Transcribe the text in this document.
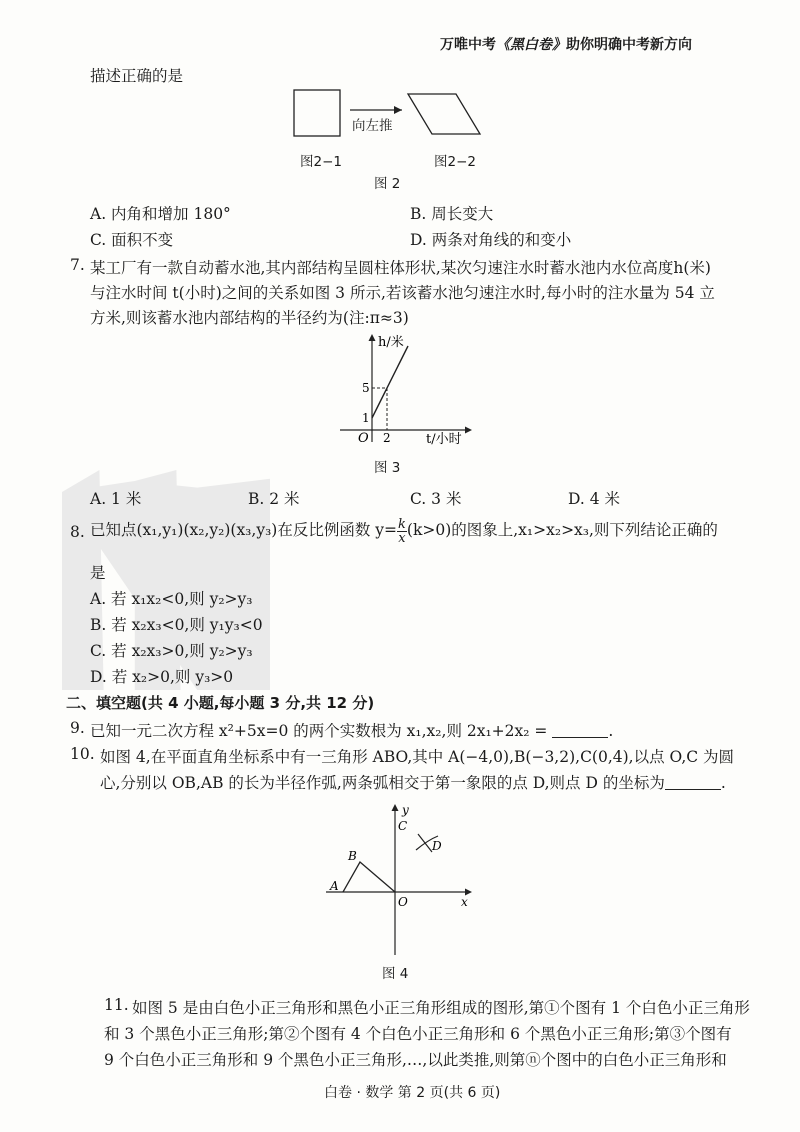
万唯中考《黑白卷》助你明确中考新方向
描述正确的是
向左推
图2−1	图2−2
图 2
A. 内角和增加 180°	B. 周长变大
C. 面积不变	D. 两条对角线的和变小
7. 某工厂有一款自动蓄水池,其内部结构呈圆柱体形状,某次匀速注水时蓄水池内水位高度h(米)
与注水时间 t(小时)之间的关系如图 3 所示,若该蓄水池匀速注水时,每小时的注水量为 54 立
方米,则该蓄水池内部结构的半径约为(注:π≈3)
h/米
t/小时
O
1
5
2
图 3
A. 1 米	B. 2 米	C. 3 米	D. 4 米
8. 已知点(x₁,y₁)(x₂,y₂)(x₃,y₃)在反比例函数 $y= \frac{k}{x} (k>0)$的图象上,x₁>x₂>x₃,则下列结论正确的
是
A. 若 x₁x₂<0,则 y₂>y₃
B. 若 x₂x₃<0,则 y₁y₃<0
C. 若 x₂x₃>0,则 y₂>y₃
D. 若 x₂>0,则 y₃>0
二、填空题(共 4 小题,每小题 3 分,共 12 分)
9. 已知一元二次方程 x²+5x=0 的两个实数根为 x₁,x₂,则 2x₁+2x₂ =	.
10. 如图 4,在平面直角坐标系中有一三角形 ABO,其中 A(−4,0),B(−3,2),C(0,4),以点 O,C 为圆
心,分别以 OB,AB 的长为半径作弧,两条弧相交于第一象限的点 D,则点 D 的坐标为	.
y
x
O
A
B
C
D
图 4
11. 如图 5 是由白色小正三角形和黑色小正三角形组成的图形,第①个图有 1 个白色小正三角形
和 3 个黑色小正三角形;第②个图有 4 个白色小正三角形和 6 个黑色小正三角形;第③个图有
9 个白色小正三角形和 9 个黑色小正三角形,…,以此类推,则第ⓝ个图中的白色小正三角形和
白卷 · 数学 第 2 页(共 6 页)
